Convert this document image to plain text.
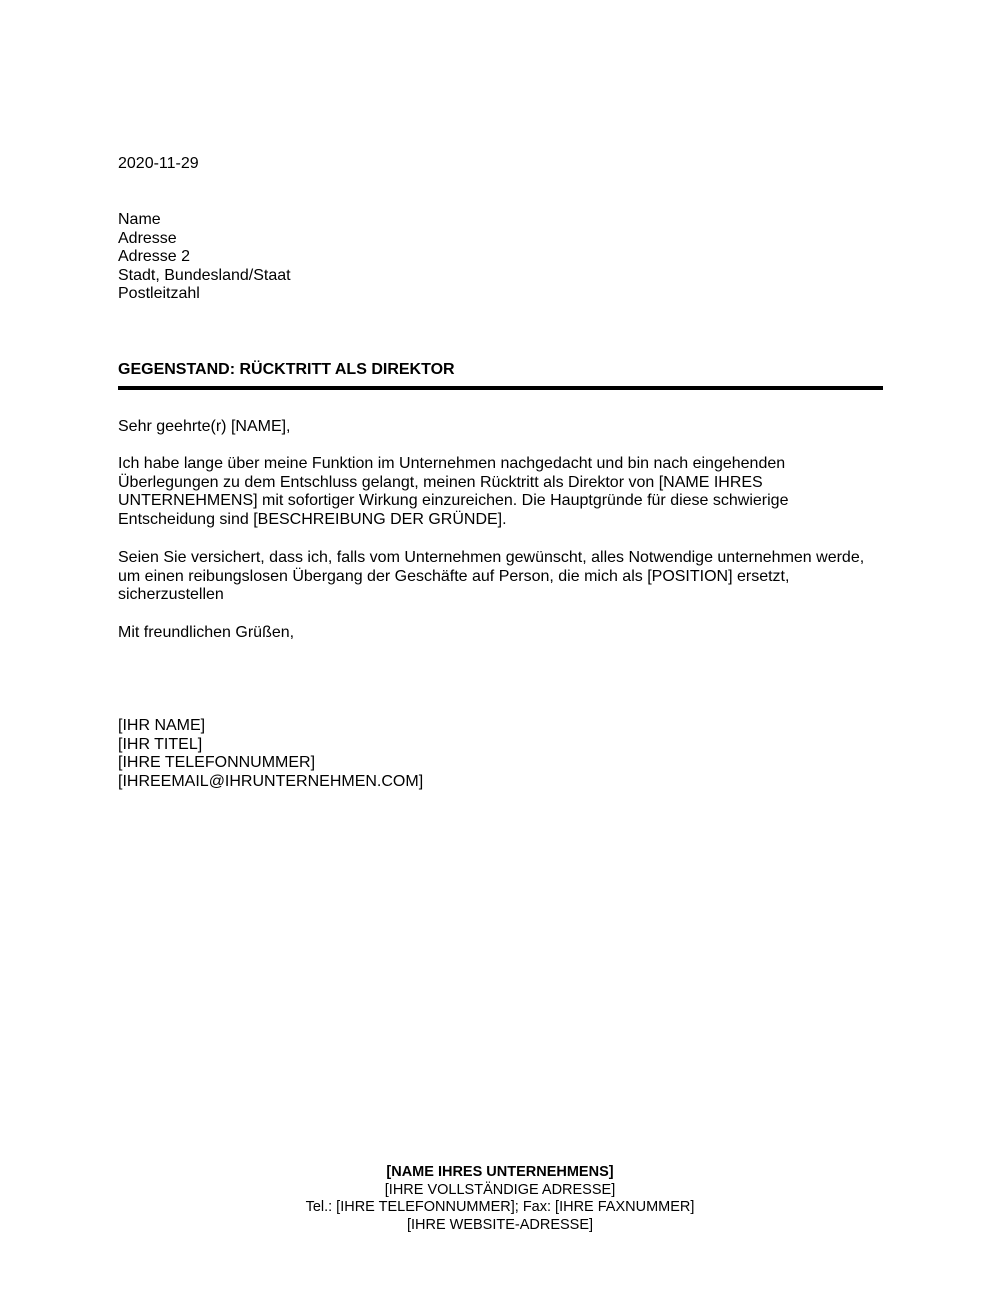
2020-11-29
Name
Adresse
Adresse 2
Stadt, Bundesland/Staat
Postleitzahl
GEGENSTAND: RÜCKTRITT ALS DIREKTOR
Sehr geehrte(r) [NAME],
Ich habe lange über meine Funktion im Unternehmen nachgedacht und bin nach eingehenden
Überlegungen zu dem Entschluss gelangt, meinen Rücktritt als Direktor von [NAME IHRES
UNTERNEHMENS] mit sofortiger Wirkung einzureichen. Die Hauptgründe für diese schwierige
Entscheidung sind [BESCHREIBUNG DER GRÜNDE].
Seien Sie versichert, dass ich, falls vom Unternehmen gewünscht, alles Notwendige unternehmen werde,
um einen reibungslosen Übergang der Geschäfte auf Person, die mich als [POSITION] ersetzt,
sicherzustellen
Mit freundlichen Grüßen,
[IHR NAME]
[IHR TITEL]
[IHRE TELEFONNUMMER]
[IHREEMAIL@IHRUNTERNEHMEN.COM]
[NAME IHRES UNTERNEHMENS]
[IHRE VOLLSTÄNDIGE ADRESSE]
Tel.: [IHRE TELEFONNUMMER]; Fax: [IHRE FAXNUMMER]
[IHRE WEBSITE-ADRESSE]
